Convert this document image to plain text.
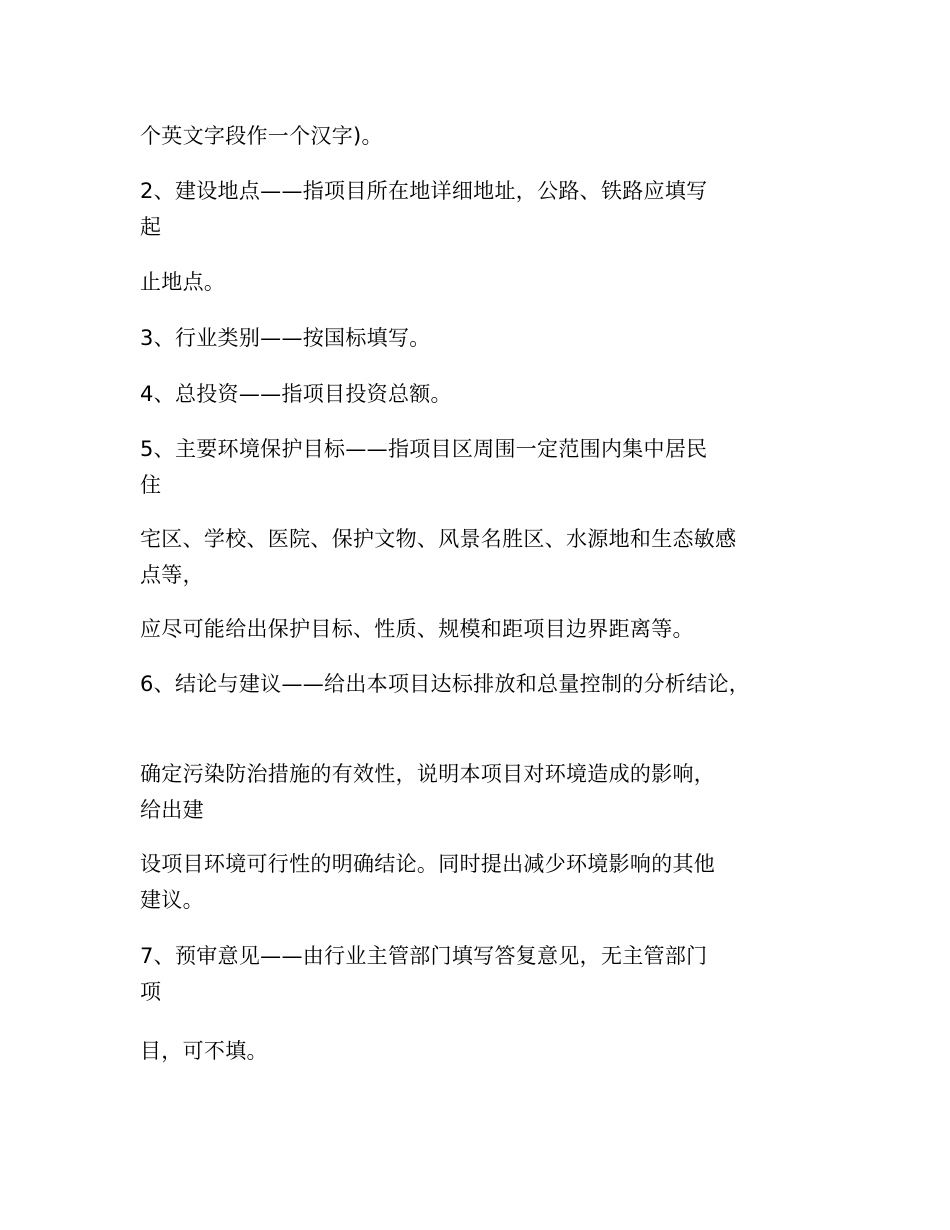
个英文字段作一个汉字)。

2、建设地点——指项目所在地详细地址，公路、铁路应填写
起

止地点。

3、行业类别——按国标填写。

4、总投资——指项目投资总额。

5、主要环境保护目标——指项目区周围一定范围内集中居民
住

宅区、学校、医院、保护文物、风景名胜区、水源地和生态敏感
点等，

应尽可能给出保护目标、性质、规模和距项目边界距离等。

6、结论与建议——给出本项目达标排放和总量控制的分析结论，

确定污染防治措施的有效性，说明本项目对环境造成的影响，
给出建

设项目环境可行性的明确结论。同时提出减少环境影响的其他
建议。

7、预审意见——由行业主管部门填写答复意见，无主管部门
项

目，可不填。
